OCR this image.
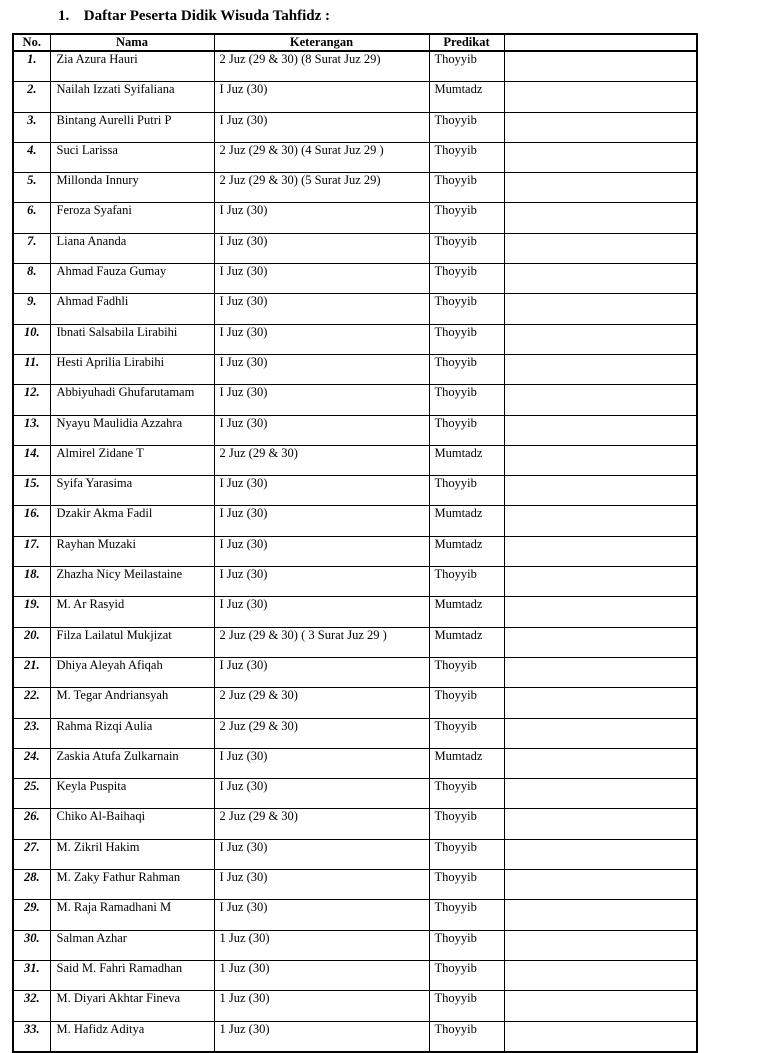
1. Daftar Peserta Didik Wisuda Tahfidz :
No.	Nama	Keterangan	Predikat	
1.	Zia Azura Hauri	2 Juz (29 & 30) (8 Surat Juz 29)	Thoyyib	
2.	Nailah Izzati Syifaliana	I Juz (30)	Mumtadz	
3.	Bintang Aurelli Putri P	I Juz (30)	Thoyyib	
4.	Suci Larissa	2 Juz (29 & 30) (4 Surat Juz 29 )	Thoyyib	
5.	Millonda Innury	2 Juz (29 & 30) (5 Surat Juz 29)	Thoyyib	
6.	Feroza Syafani	I Juz (30)	Thoyyib	
7.	Liana Ananda	I Juz (30)	Thoyyib	
8.	Ahmad Fauza Gumay	I Juz (30)	Thoyyib	
9.	Ahmad Fadhli	I Juz (30)	Thoyyib	
10.	Ibnati Salsabila Lirabihi	I Juz (30)	Thoyyib	
11.	Hesti Aprilia Lirabihi	I Juz (30)	Thoyyib	
12.	Abbiyuhadi Ghufarutamam	I Juz (30)	Thoyyib	
13.	Nyayu Maulidia Azzahra	I Juz (30)	Thoyyib	
14.	Almirel Zidane T	2 Juz (29 & 30)	Mumtadz	
15.	Syifa Yarasima	I Juz (30)	Thoyyib	
16.	Dzakir Akma Fadil	I Juz (30)	Mumtadz	
17.	Rayhan Muzaki	I Juz (30)	Mumtadz	
18.	Zhazha Nicy Meilastaine	I Juz (30)	Thoyyib	
19.	M. Ar Rasyid	I Juz (30)	Mumtadz	
20.	Filza Lailatul Mukjizat	2 Juz (29 & 30) ( 3 Surat Juz 29 )	Mumtadz	
21.	Dhiya Aleyah Afiqah	I Juz (30)	Thoyyib	
22.	M. Tegar Andriansyah	2 Juz (29 & 30)	Thoyyib	
23.	Rahma Rizqi Aulia	2 Juz (29 & 30)	Thoyyib	
24.	Zaskia Atufa Zulkarnain	I Juz (30)	Mumtadz	
25.	Keyla Puspita	I Juz (30)	Thoyyib	
26.	Chiko Al-Baihaqi	2 Juz (29 & 30)	Thoyyib	
27.	M. Zikril Hakim	I Juz (30)	Thoyyib	
28.	M. Zaky Fathur Rahman	I Juz (30)	Thoyyib	
29.	M. Raja Ramadhani M	I Juz (30)	Thoyyib	
30.	Salman Azhar	1 Juz (30)	Thoyyib	
31.	Said M. Fahri Ramadhan	1 Juz (30)	Thoyyib	
32.	M. Diyari Akhtar Fineva	1 Juz (30)	Thoyyib	
33.	M. Hafidz Aditya	1 Juz (30)	Thoyyib	
